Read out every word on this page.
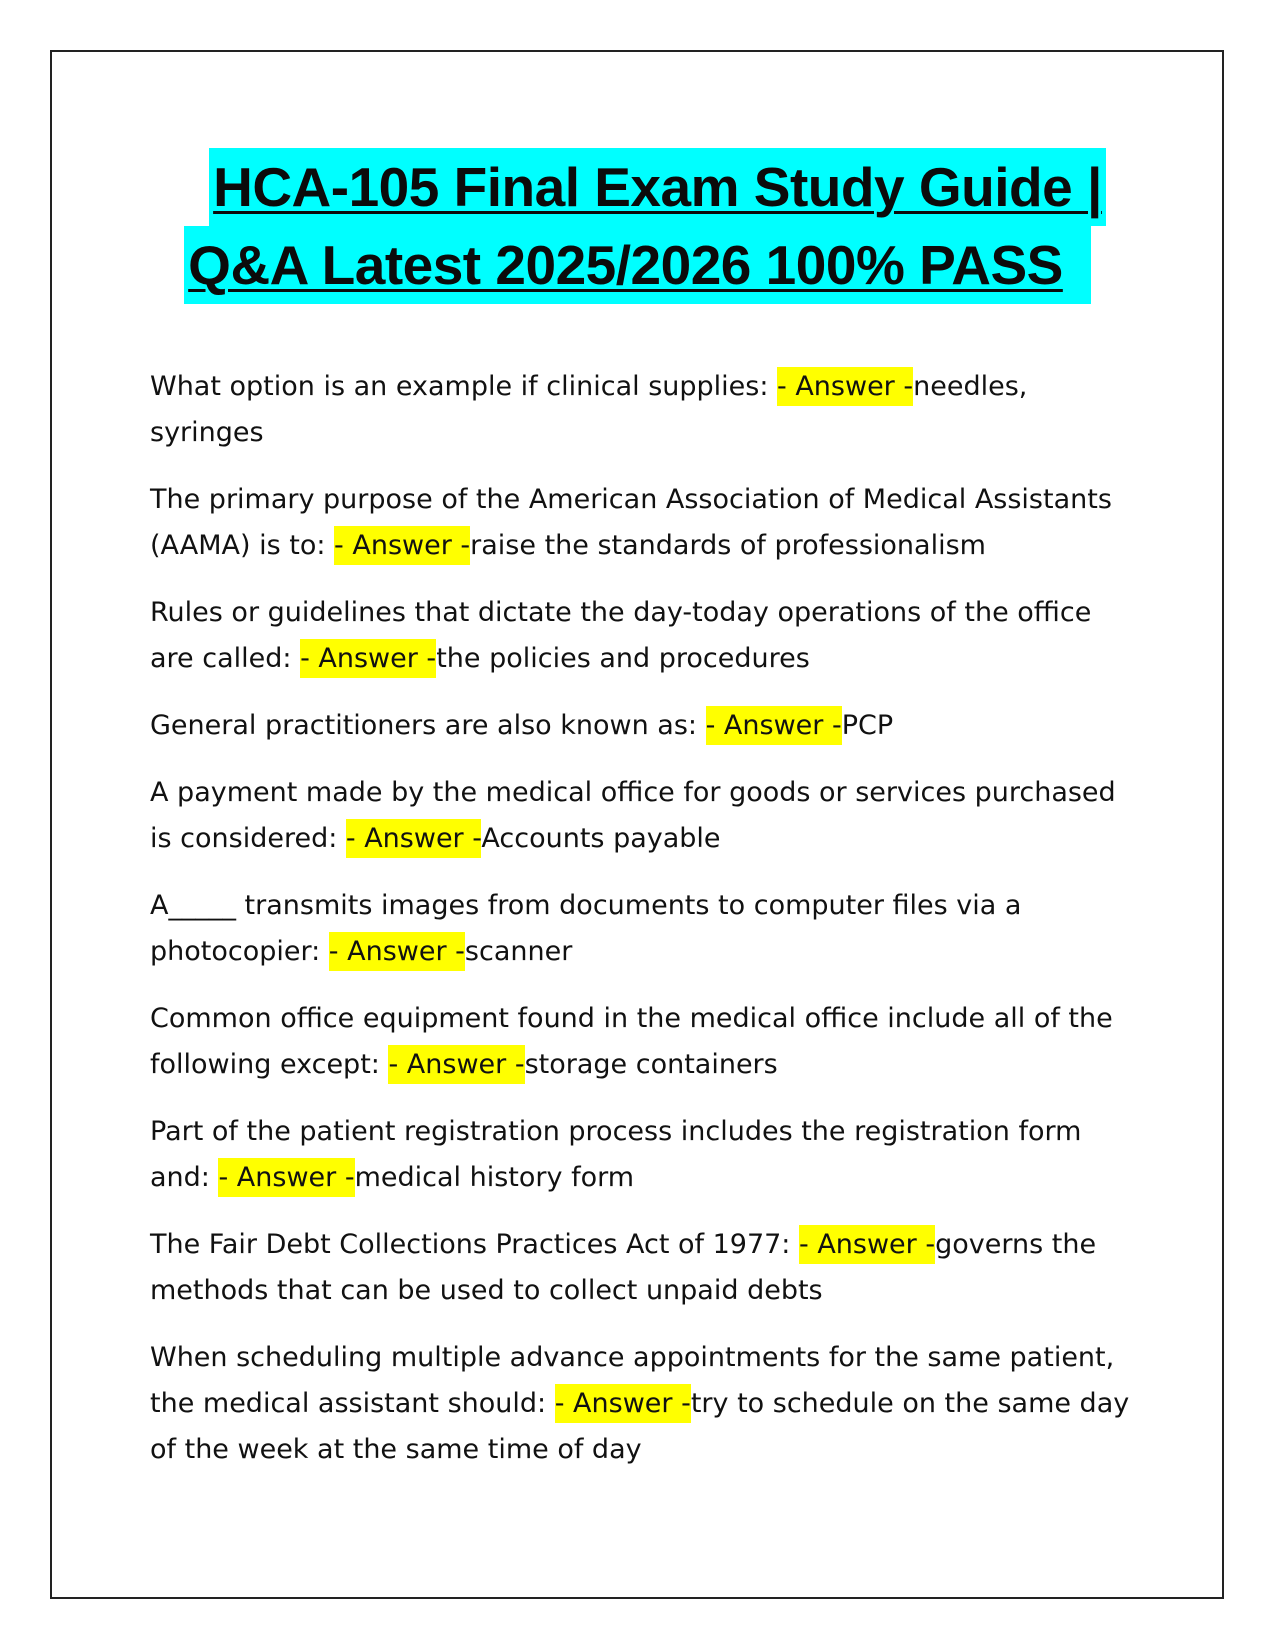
HCA-105 Final Exam Study Guide |
Q&A Latest 2025/2026 100% PASS
What option is an example if clinical supplies: - Answer -needles, syringes
The primary purpose of the American Association of Medical Assistants (AAMA) is to: - Answer -raise the standards of professionalism
Rules or guidelines that dictate the day-today operations of the office are called: - Answer -the policies and procedures
General practitioners are also known as: - Answer -PCP
A payment made by the medical office for goods or services purchased is considered: - Answer -Accounts payable
A_____ transmits images from documents to computer files via a photocopier: - Answer -scanner
Common office equipment found in the medical office include all of the following except: - Answer -storage containers
Part of the patient registration process includes the registration form and: - Answer -medical history form
The Fair Debt Collections Practices Act of 1977: - Answer -governs the methods that can be used to collect unpaid debts
When scheduling multiple advance appointments for the same patient, the medical assistant should: - Answer -try to schedule on the same day of the week at the same time of day
